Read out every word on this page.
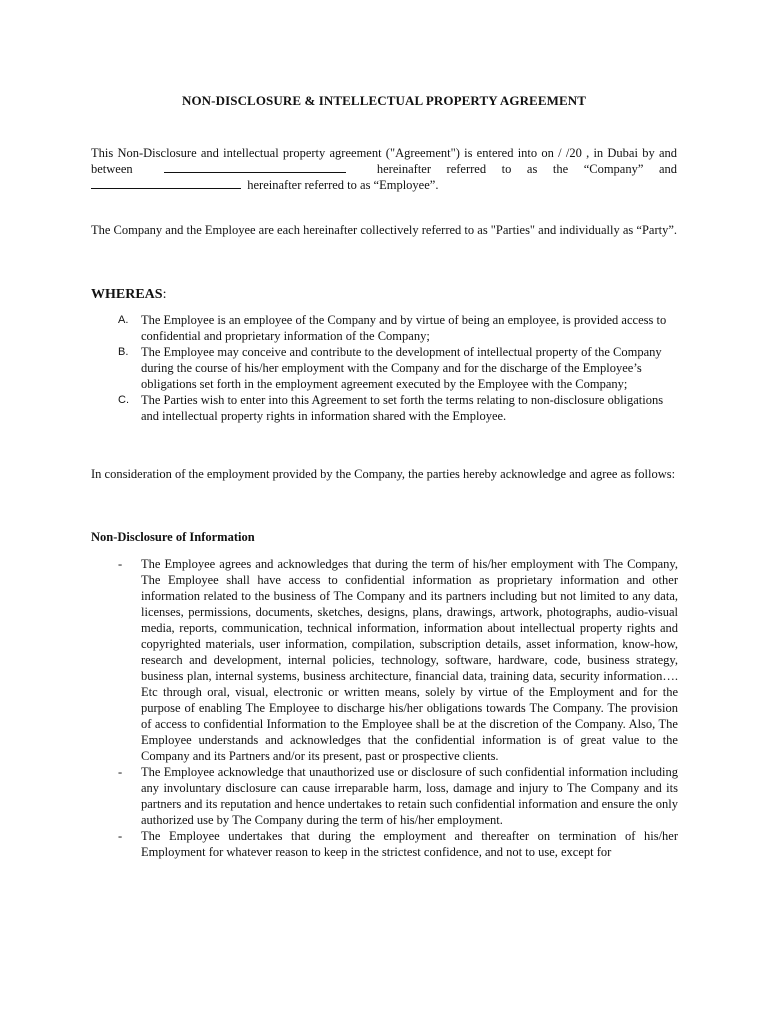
NON-DISCLOSURE & INTELLECTUAL PROPERTY AGREEMENT
This Non-Disclosure and intellectual property agreement ("Agreement") is entered into on / /20 , in Dubai by and between	hereinafter referred to as the “Company” and   hereinafter referred to as “Employee”.
The Company and the Employee are each hereinafter collectively referred to as "Parties" and individually as “Party”.
WHEREAS:
A. The Employee is an employee of the Company and by virtue of being an employee, is provided access to confidential and proprietary information of the Company;
B. The Employee may conceive and contribute to the development of intellectual property of the Company during the course of his/her employment with the Company and for the discharge of the Employee’s obligations set forth in the employment agreement executed by the Employee with the Company;
C. The Parties wish to enter into this Agreement to set forth the terms relating to non-disclosure obligations and intellectual property rights in information shared with the Employee.
In consideration of the employment provided by the Company, the parties hereby acknowledge and agree as follows:
Non-Disclosure of Information
- The Employee agrees and acknowledges that during the term of his/her employment with The Company, The Employee shall have access to confidential information as proprietary information and other information related to the business of The Company and its partners including but not limited to any data, licenses, permissions, documents, sketches, designs, plans, drawings, artwork, photographs, audio-visual media, reports, communication, technical information, information about intellectual property rights and copyrighted materials, user information, compilation, subscription details, asset information, know-how, research and development, internal policies, technology, software, hardware, code, business strategy, business plan, internal systems, business architecture, financial data, training data, security information…. Etc through oral, visual, electronic or written means, solely by virtue of the Employment and for the purpose of enabling The Employee to discharge his/her obligations towards The Company. The provision of access to confidential Information to the Employee shall be at the discretion of the Company. Also, The Employee understands and acknowledges that the confidential information is of great value to the Company and its Partners and/or its present, past or prospective clients.
- The Employee acknowledge that unauthorized use or disclosure of such confidential information including any involuntary disclosure can cause irreparable harm, loss, damage and injury to The Company and its partners and its reputation and hence undertakes to retain such confidential information and ensure the only authorized use by The Company during the term of his/her employment.
- The Employee undertakes that during the employment and thereafter on termination of his/her Employment for whatever reason to keep in the strictest confidence, and not to use, except for
